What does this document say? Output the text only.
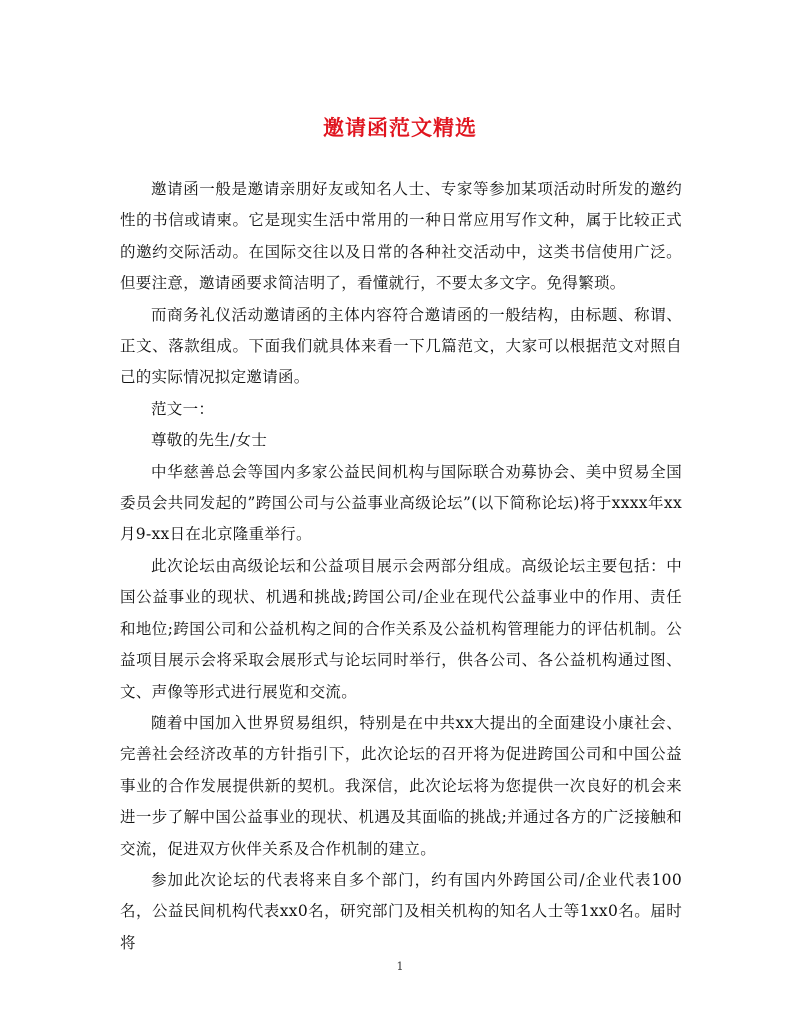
邀请函范文精选

邀请函一般是邀请亲朋好友或知名人士、专家等参加某项活动时所发的邀约性的书信或请柬。它是现实生活中常用的一种日常应用写作文种，属于比较正式的邀约交际活动。在国际交往以及日常的各种社交活动中，这类书信使用广泛。但要注意，邀请函要求简洁明了，看懂就行，不要太多文字。免得繁琐。

而商务礼仪活动邀请函的主体内容符合邀请函的一般结构，由标题、称谓、正文、落款组成。下面我们就具体来看一下几篇范文，大家可以根据范文对照自己的实际情况拟定邀请函。

范文一：

尊敬的先生/女士

中华慈善总会等国内多家公益民间机构与国际联合劝募协会、美中贸易全国委员会共同发起的”跨国公司与公益事业高级论坛”(以下简称论坛)将于xxxx年xx月9-xx日在北京隆重举行。

此次论坛由高级论坛和公益项目展示会两部分组成。高级论坛主要包括：中国公益事业的现状、机遇和挑战;跨国公司/企业在现代公益事业中的作用、责任和地位;跨国公司和公益机构之间的合作关系及公益机构管理能力的评估机制。公益项目展示会将采取会展形式与论坛同时举行，供各公司、各公益机构通过图、文、声像等形式进行展览和交流。

随着中国加入世界贸易组织，特别是在中共xx大提出的全面建设小康社会、完善社会经济改革的方针指引下，此次论坛的召开将为促进跨国公司和中国公益事业的合作发展提供新的契机。我深信，此次论坛将为您提供一次良好的机会来进一步了解中国公益事业的现状、机遇及其面临的挑战;并通过各方的广泛接触和交流，促进双方伙伴关系及合作机制的建立。

参加此次论坛的代表将来自多个部门，约有国内外跨国公司/企业代表100名，公益民间机构代表xx0名，研究部门及相关机构的知名人士等1xx0名。届时将

1
